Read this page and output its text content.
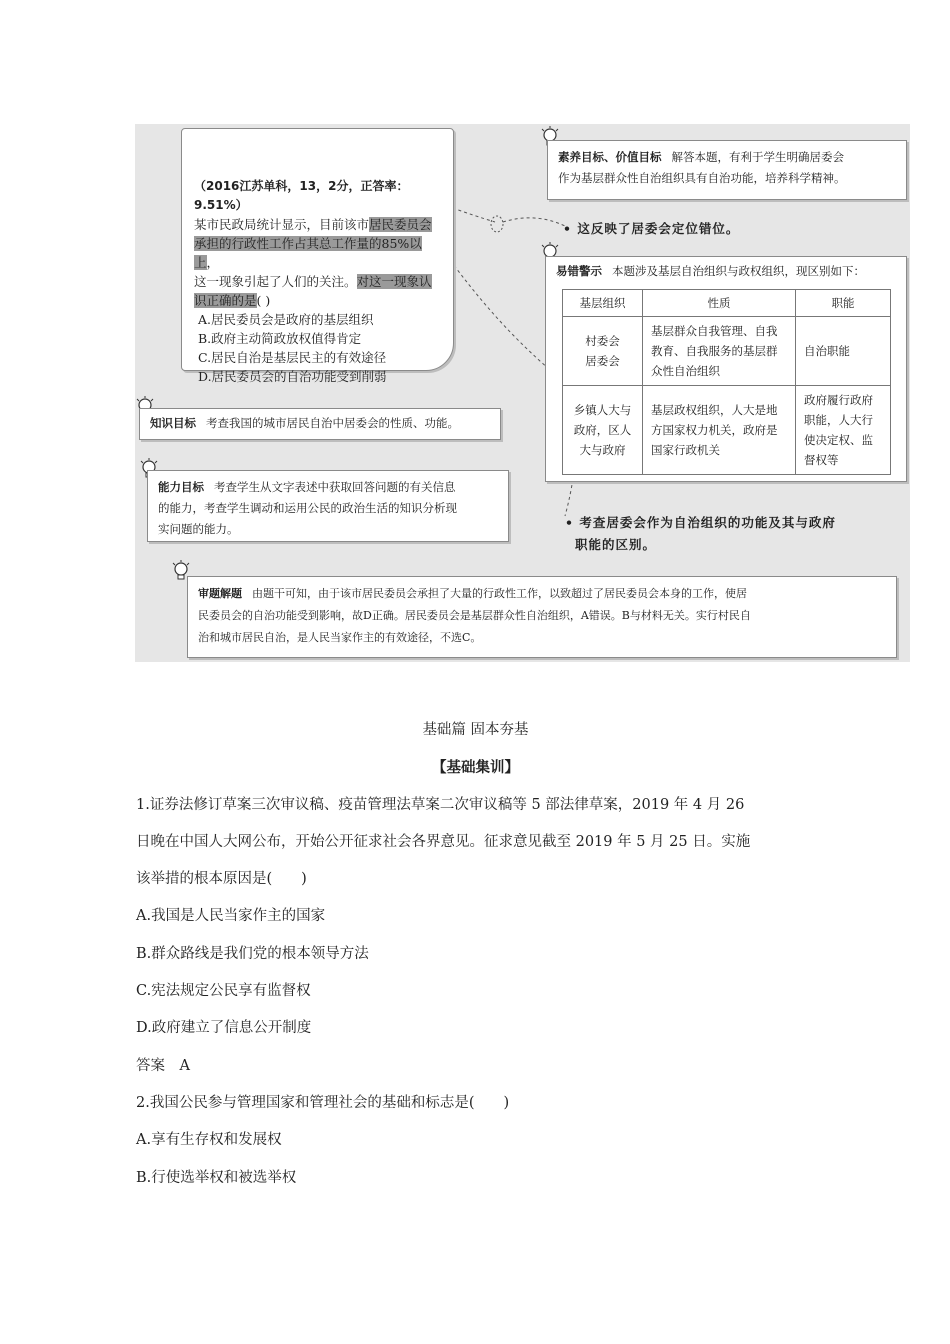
（2016江苏单科，13，2分，正答率：9.51%）
某市民政局统计显示，目前该市居民委员会
承担的行政性工作占其总工作量的85%以上，
这一现象引起了人们的关注。对这一现象认
识正确的是( )
A.居民委员会是政府的基层组织
B.政府主动简政放权值得肯定
C.居民自治是基层民主的有效途径
D.居民委员会的自治功能受到削弱
素养目标、价值目标 解答本题，有利于学生明确居委会
作为基层群众性自治组织具有自治功能，培养科学精神。
• 这反映了居委会定位错位。
易错警示 本题涉及基层自治组织与政权组织，现区别如下：
基层组织	性质	职能
村委会
居委会	基层群众自我管理、自我
教育、自我服务的基层群
众性自治组织	自治职能
乡镇人大与
政府，区人
大与政府	基层政权组织，人大是地
方国家权力机关，政府是
国家行政机关	政府履行政府
职能，人大行
使决定权、监
督权等
知识目标 考查我国的城市居民自治中居委会的性质、功能。
能力目标 考查学生从文字表述中获取回答问题的有关信息
的能力，考查学生调动和运用公民的政治生活的知识分析现
实问题的能力。	• 考查居委会作为自治组织的功能及其与政府
职能的区别。
审题解题 由题干可知，由于该市居民委员会承担了大量的行政性工作，以致超过了居民委员会本身的工作，使居
民委员会的自治功能受到影响，故D正确。居民委员会是基层群众性自治组织，A错误。B与材料无关。实行村民自
治和城市居民自治，是人民当家作主的有效途径，不选C。
基础篇 固本夯基
【基础集训】
1.证券法修订草案三次审议稿、疫苗管理法草案二次审议稿等 5 部法律草案，2019 年 4 月 26
日晚在中国人大网公布，开始公开征求社会各界意见。征求意见截至 2019 年 5 月 25 日。实施
该举措的根本原因是(　　)
A.我国是人民当家作主的国家
B.群众路线是我们党的根本领导方法
C.宪法规定公民享有监督权
D.政府建立了信息公开制度
答案　A
2.我国公民参与管理国家和管理社会的基础和标志是(　　)
A.享有生存权和发展权
B.行使选举权和被选举权
